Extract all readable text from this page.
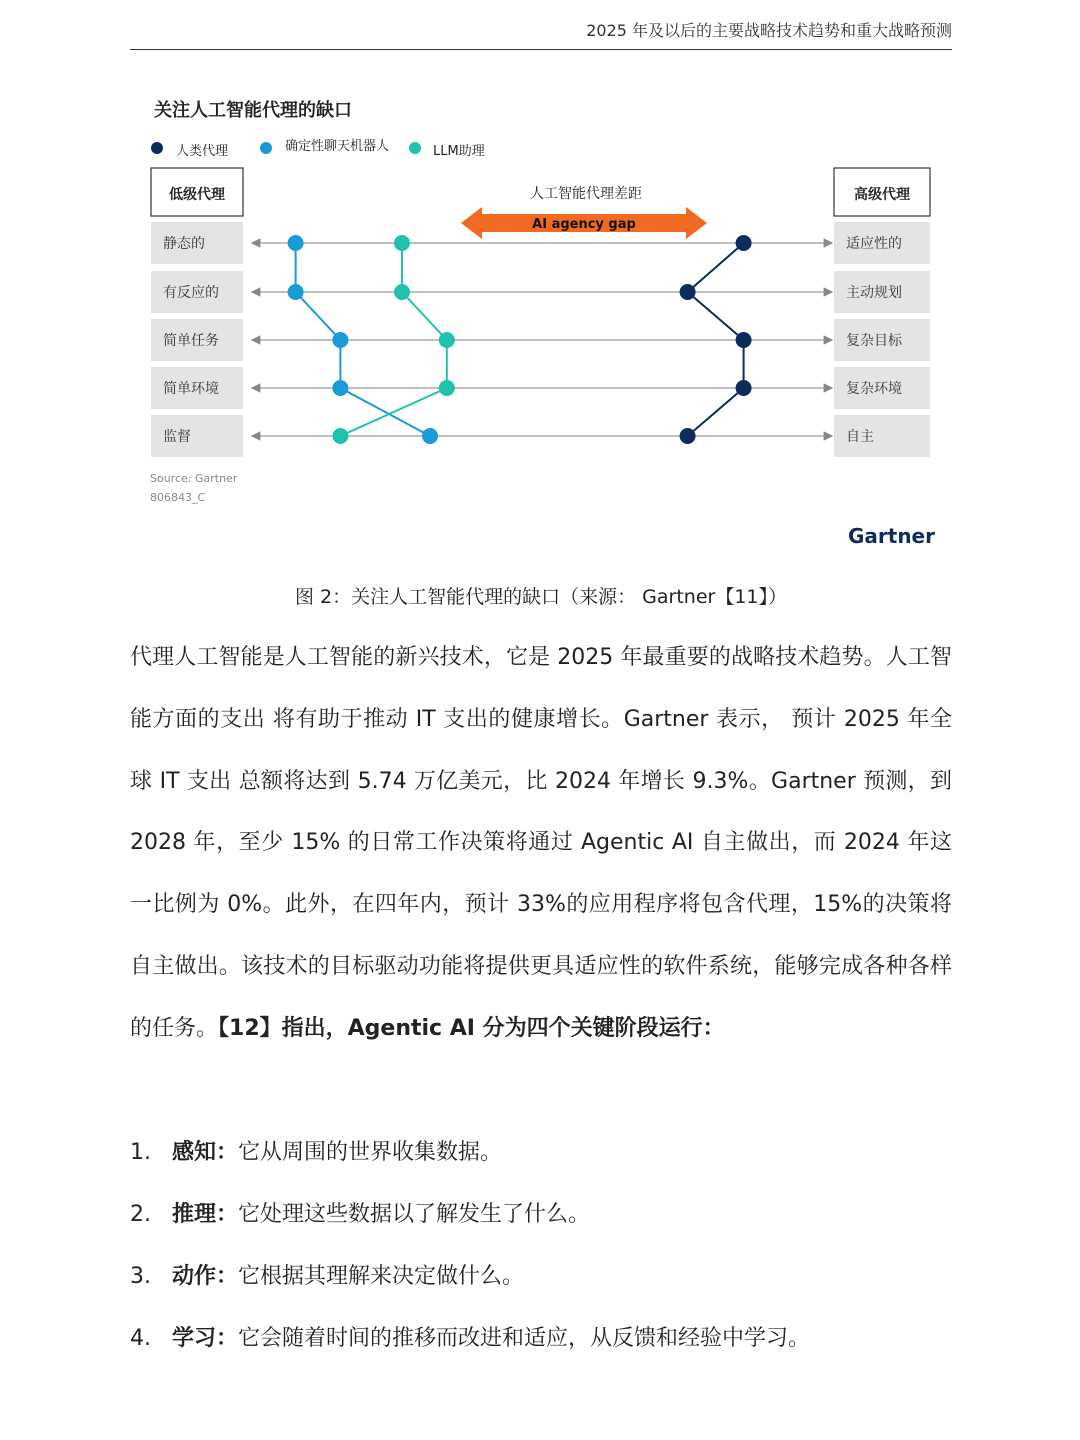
2025 年及以后的主要战略技术趋势和重大战略预测
关注人工智能代理的缺口
人类代理	确定性聊天机器人	LLM助理
低级代理	高级代理
人工智能代理差距
AI agency gap
静态的	适应性的
有反应的	主动规划
简单任务	复杂目标
简单环境	复杂环境
监督	自主
Source: Gartner
806843_C
Gartner
图 2：关注人工智能代理的缺口（来源： Gartner【11】）
代理人工智能是人工智能的新兴技术，它是 2025 年最重要的战略技术趋势。人工智能方面的支出 将有助于推动 IT 支出的健康增长。Gartner 表示， 预计 2025 年全球 IT 支出 总额将达到 5.74 万亿美元，比 2024 年增长 9.3%。Gartner 预测，到 2028 年，至少 15% 的日常工作决策将通过 Agentic AI 自主做出，而 2024 年这一比例为 0%。此外，在四年内，预计 33%的应用程序将包含代理，15%的决策将自主做出。该技术的目标驱动功能将提供更具适应性的软件系统，能够完成各种各样的任务。【12】指出，Agentic AI 分为四个关键阶段运行：
1. 感知：它从周围的世界收集数据。
2. 推理：它处理这些数据以了解发生了什么。
3. 动作：它根据其理解来决定做什么。
4. 学习：它会随着时间的推移而改进和适应，从反馈和经验中学习。
